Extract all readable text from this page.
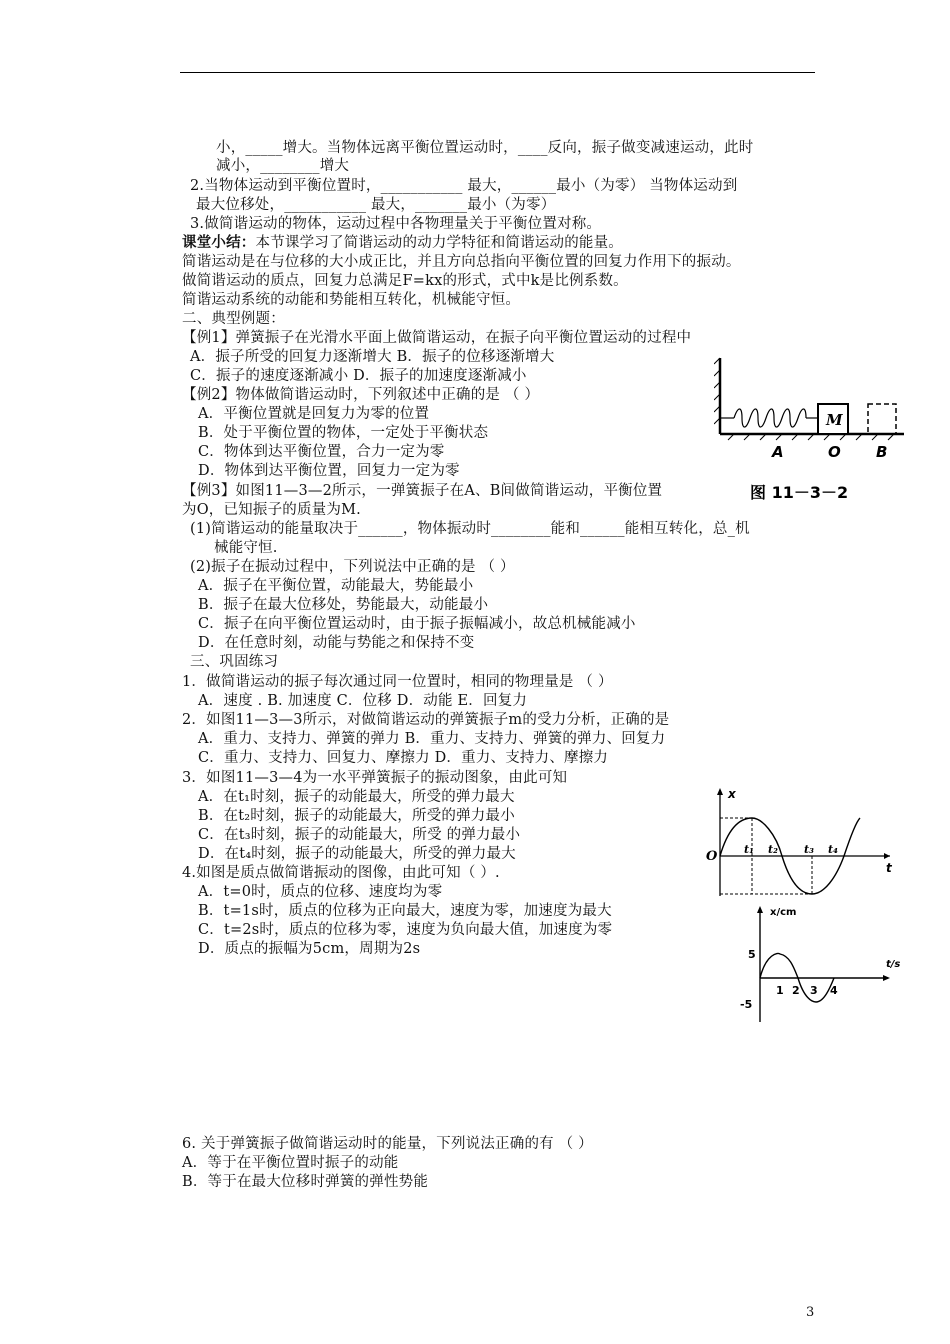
小，_____增大。当物体远离平衡位置运动时，____反向，振子做变减速运动，此时
减小，________增大
2.当物体运动到平衡位置时，___________ 最大，______最小（为零） 当物体运动到
最大位移处，___________ 最大，_______最小（为零）
3.做简谐运动的物体，运动过程中各物理量关于平衡位置对称。
课堂小结：本节课学习了简谐运动的动力学特征和简谐运动的能量。
简谐运动是在与位移的大小成正比，并且方向总指向平衡位置的回复力作用下的振动。
做简谐运动的质点，回复力总满足F=kx的形式，式中k是比例系数。
简谐运动系统的动能和势能相互转化，机械能守恒。
二、典型例题：
【例1】弹簧振子在光滑水平面上做简谐运动，在振子向平衡位置运动的过程中
A．振子所受的回复力逐渐增大 B．振子的位移逐渐增大
C．振子的速度逐渐减小 D．振子的加速度逐渐减小
【例2】物体做简谐运动时，下列叙述中正确的是 （ ）
A．平衡位置就是回复力为零的位置
B．处于平衡位置的物体，一定处于平衡状态
C．物体到达平衡位置，合力一定为零
D．物体到达平衡位置，回复力一定为零
【例3】如图11—3—2所示，一弹簧振子在A、B间做简谐运动，平衡位置
为O，已知振子的质量为M.
(1)简谐运动的能量取决于______，物体振动时________能和______能相互转化，总_机
械能守恒.
(2)振子在振动过程中，下列说法中正确的是 （ ）
A．振子在平衡位置，动能最大，势能最小
B．振子在最大位移处，势能最大，动能最小
C．振子在向平衡位置运动时，由于振子振幅减小，故总机械能减小
D．在任意时刻，动能与势能之和保持不变
三、巩固练习
1．做简谐运动的振子每次通过同一位置时，相同的物理量是 （ ）
A．速度 . B. 加速度 C．位移 D．动能 E．回复力
2．如图11—3—3所示，对做简谐运动的弹簧振子m的受力分析，正确的是
A．重力、支持力、弹簧的弹力 B．重力、支持力、弹簧的弹力、回复力
C．重力、支持力、回复力、摩擦力 D．重力、支持力、摩擦力
3．如图11—3—4为一水平弹簧振子的振动图象，由此可知
A．在t₁时刻，振子的动能最大，所受的弹力最大
B．在t₂时刻，振子的动能最大，所受的弹力最小
C．在t₃时刻，振子的动能最大，所受 的弹力最小
D．在t₄时刻，振子的动能最大，所受的弹力最大
4.如图是质点做简谐振动的图像，由此可知（ ）.
A．t=0时，质点的位移、速度均为零
B．t=1s时，质点的位移为正向最大，速度为零，加速度为最大
C．t=2s时，质点的位移为零，速度为负向最大值，加速度为零
D．质点的振幅为5cm，周期为2s
6. 关于弹簧振子做简谐运动时的能量，下列说法正确的有 （ ）
A．等于在平衡位置时振子的动能
B．等于在最大位移时弹簧的弹性势能
M
A	O B
图 11－3－2
x
t
O t₁ t₂ t₃ t₄
x/cm
t/s
5
-5
1 2 3 4
3
